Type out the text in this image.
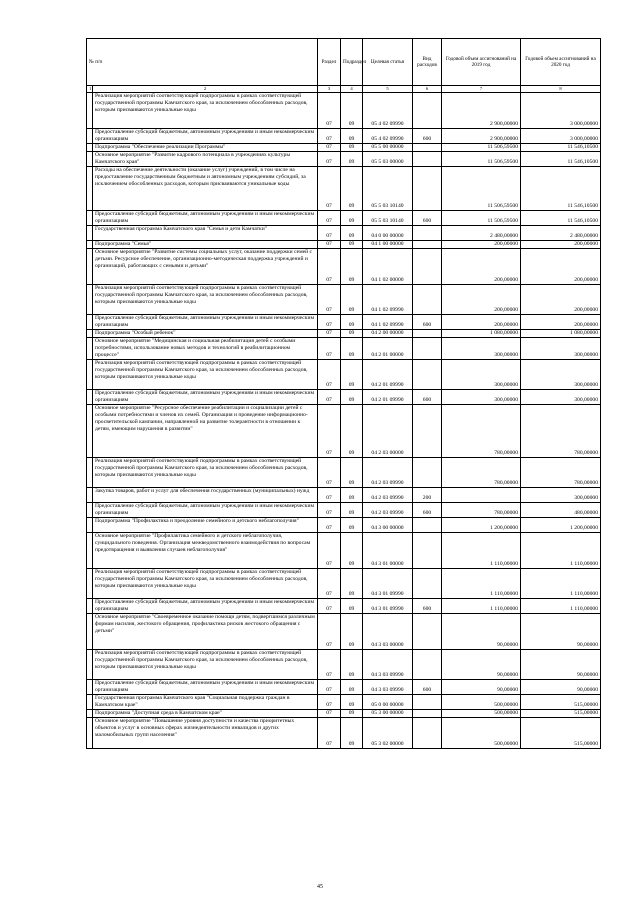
№ п/п		Раздел	Подраздел	Целевая статья	Вид расходов	Годовой объем ассигнований на 2019 год	Годовой объем ассигнований на 2020 год
1	2	3	4	5	6	7	8
	Реализация мероприятий соответствующей подпрограммы в рамках соответствующей государственной программы Камчатского края, за исключением обособленных расходов, которым присваиваются уникальные коды	07	09	05 4 02 09990		2 900,00000	3 000,00000
	Предоставление субсидий бюджетным, автономным учреждениям и иным некоммерческим организациям	07	09	05 4 02 09990	600	2 900,00000	3 000,00000
	Подпрограмма "Обеспечение реализации Программы"	07	09	05 5 00 00000		11 506,59500	11 546,10500
	Основное мероприятие "Развитие кадрового потенциала в учреждениях культуры Камчатского края"	07	09	05 5 03 00000		11 506,59500	11 546,10500
	Расходы на обеспечение деятельности (оказание услуг) учреждений, в том числе на предоставление государственным бюджетным и автономным учреждениям субсидий, за исключением обособленных расходов, которым присваиваются уникальные коды	07	09	05 5 03 10140		11 506,59500	11 546,10500
	Предоставление субсидий бюджетным, автономным учреждениям и иным некоммерческим организациям	07	09	05 5 03 10140	600	11 506,59500	11 546,10500
	Государственная программа Камчатского края "Семья и дети Камчатки"	07	09	04 0 00 00000		2 480,00000	2 480,00000
	Подпрограмма "Семья"	07	09	04 1 00 00000		200,00000	200,00000
	Основное мероприятие "Развитие системы социальных услуг, оказание поддержки семей с детьми. Ресурсное обеспечение, организационно-методическая поддержка учреждений и организаций, работающих с семьями и детьми"	07	09	04 1 02 00000		200,00000	200,00000
	Реализация мероприятий соответствующей подпрограммы в рамках соответствующей государственной программы Камчатского края, за исключением обособленных расходов, которым присваиваются уникальные коды	07	09	04 1 02 09990		200,00000	200,00000
	Предоставление субсидий бюджетным, автономным учреждениям и иным некоммерческим организациям	07	09	04 1 02 09990	600	200,00000	200,00000
	Подпрограмма "Особый ребенок"	07	09	04 2 00 00000		1 080,00000	1 080,00000
	Основное мероприятие "Медицинская и социальная реабилитация детей с особыми потребностями, использование новых методов и технологий в реабилитационном процессе"	07	09	04 2 01 00000		300,00000	300,00000
	Реализация мероприятий соответствующей подпрограммы в рамках соответствующей государственной программы Камчатского края, за исключением обособленных расходов, которым присваиваются уникальные коды	07	09	04 2 01 09990		300,00000	300,00000
	Предоставление субсидий бюджетным, автономным учреждениям и иным некоммерческим организациям	07	09	04 2 01 09990	600	300,00000	300,00000
	Основное мероприятие "Ресурсное обеспечение реабилитации и социализации детей с особыми потребностями и членов их семей. Организация и проведение информационно-просветительской кампании, направленной на развитие толерантности в отношении к детям, имеющим нарушения в развитии"	07	09	04 2 03 00000		780,00000	780,00000
	Реализация мероприятий соответствующей подпрограммы в рамках соответствующей государственной программы Камчатского края, за исключением обособленных расходов, которым присваиваются уникальные коды	07	09	04 2 03 09990		780,00000	780,00000
	Закупка товаров, работ и услуг для обеспечения государственных (муниципальных) нужд	07	09	04 2 03 09990	200		300,00000
	Предоставление субсидий бюджетным, автономным учреждениям и иным некоммерческим организациям	07	09	04 2 03 09990	600	780,00000	480,00000
	Подпрограмма "Профилактика и преодоление семейного и детского неблагополучия"	07	09	04 3 00 00000		1 200,00000	1 200,00000
	Основное мероприятие "Профилактика семейного и детского неблагополучия, суицидального поведения. Организация межведомственного взаимодействия по вопросам предотвращения и выявления случаев неблагополучия"	07	09	04 3 01 00000		1 110,00000	1 110,00000
	Реализация мероприятий соответствующей подпрограммы в рамках соответствующей государственной программы Камчатского края, за исключением обособленных расходов, которым присваиваются уникальные коды	07	09	04 3 01 09990		1 110,00000	1 110,00000
	Предоставление субсидий бюджетным, автономным учреждениям и иным некоммерческим организациям	07	09	04 3 01 09990	600	1 110,00000	1 110,00000
	Основное мероприятие "Своевременное оказание помощи детям, подвергшимся различным формам насилия, жестокого обращения, профилактика рисков жестокого обращения с детьми"	07	09	04 3 03 00000		90,00000	90,00000
	Реализация мероприятий соответствующей подпрограммы в рамках соответствующей государственной программы Камчатского края, за исключением обособленных расходов, которым присваиваются уникальные коды	07	09	04 3 03 09990		90,00000	90,00000
	Предоставление субсидий бюджетным, автономным учреждениям и иным некоммерческим организациям	07	09	04 3 03 09990	600	90,00000	90,00000
	Государственная программа Камчатского края "Социальная поддержка граждан в Камчатском крае"	07	09	05 0 00 00000		500,00000	515,00000
	Подпрограмма "Доступная среда в Камчатском крае"	07	09	05 3 00 00000		500,00000	515,00000
	Основное мероприятие "Повышение уровня доступности и качества приоритетных объектов и услуг в основных сферах жизнедеятельности инвалидов и других маломобильных групп населения"	07	09	05 3 02 00000		500,00000	515,00000
45
